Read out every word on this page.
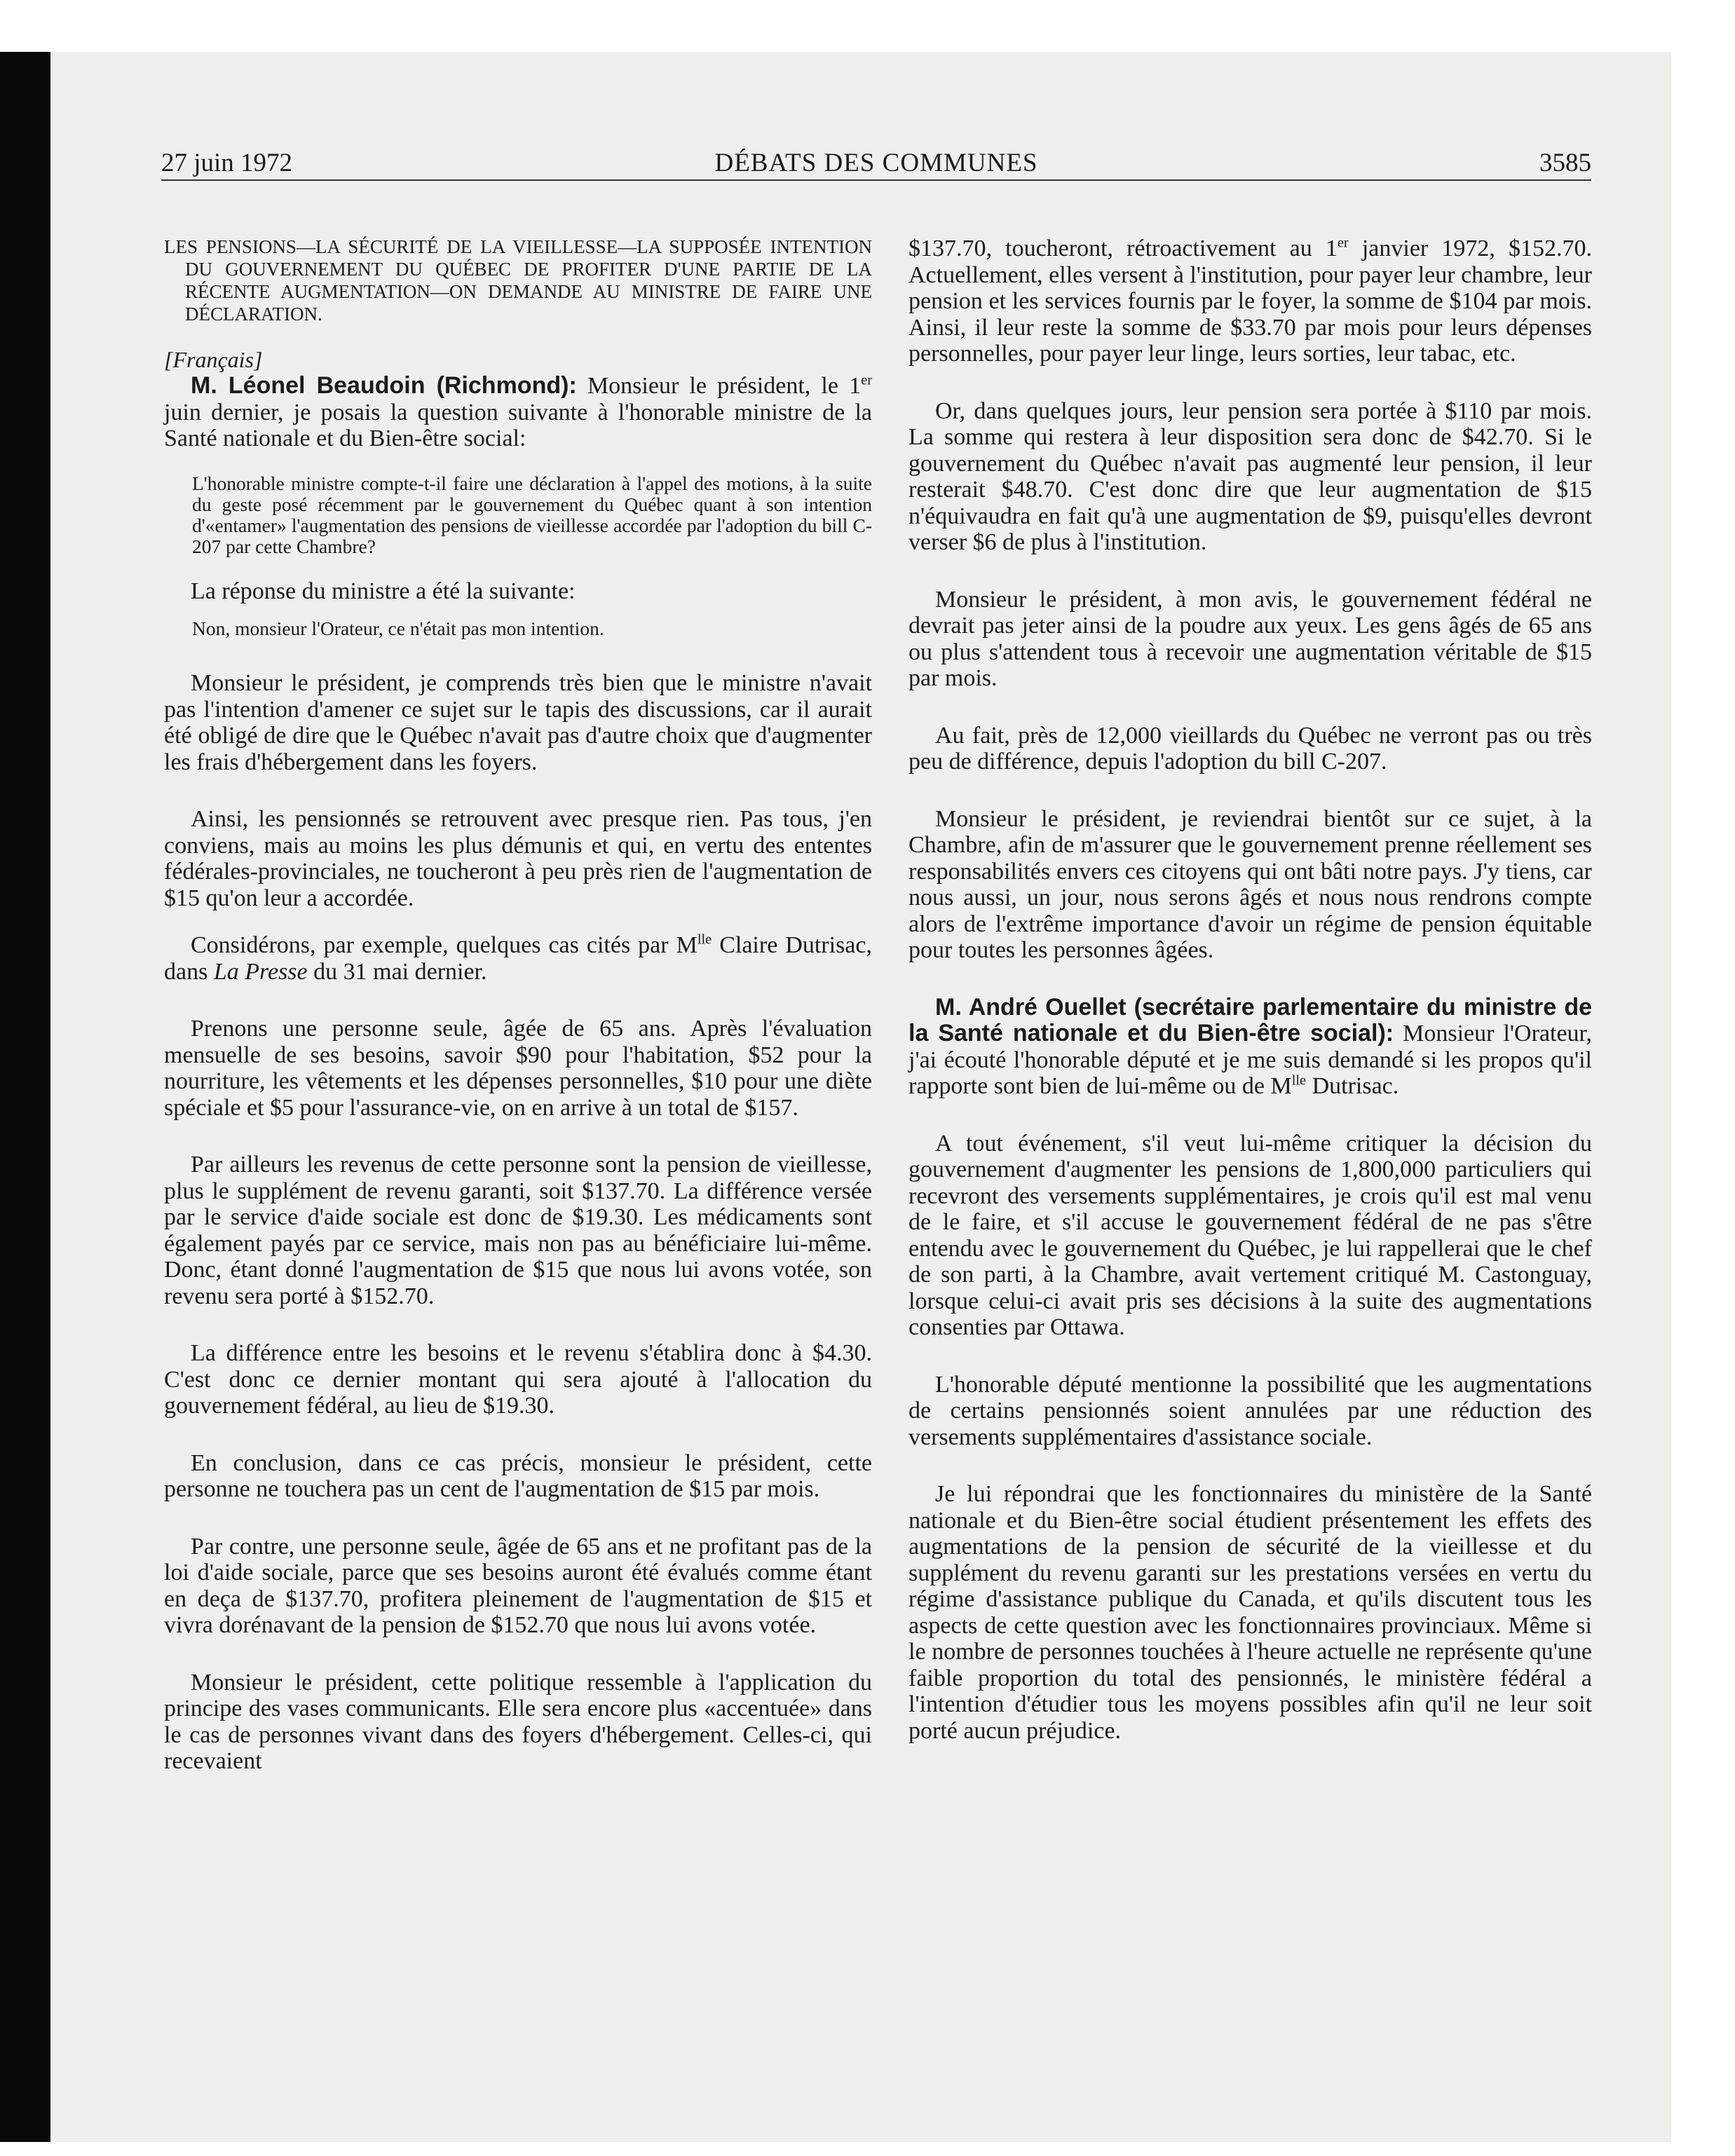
27 juin 1972	DÉBATS DES COMMUNES	3585

LES PENSIONS—LA SÉCURITÉ DE LA VIEILLESSE—LA SUPPOSÉE INTENTION DU GOUVERNEMENT DU QUÉBEC DE PROFITER D'UNE PARTIE DE LA RÉCENTE AUGMENTATION—ON DEMANDE AU MINISTRE DE FAIRE UNE DÉCLARATION.

[Français]

M. Léonel Beaudoin (Richmond): Monsieur le président, le 1er juin dernier, je posais la question suivante à l'honorable ministre de la Santé nationale et du Bien-être social:

L'honorable ministre compte-t-il faire une déclaration à l'appel des motions, à la suite du geste posé récemment par le gouvernement du Québec quant à son intention d'«entamer» l'augmentation des pensions de vieillesse accordée par l'adoption du bill C-207 par cette Chambre?

La réponse du ministre a été la suivante:

Non, monsieur l'Orateur, ce n'était pas mon intention.

Monsieur le président, je comprends très bien que le ministre n'avait pas l'intention d'amener ce sujet sur le tapis des discussions, car il aurait été obligé de dire que le Québec n'avait pas d'autre choix que d'augmenter les frais d'hébergement dans les foyers.

Ainsi, les pensionnés se retrouvent avec presque rien. Pas tous, j'en conviens, mais au moins les plus démunis et qui, en vertu des ententes fédérales-provinciales, ne toucheront à peu près rien de l'augmentation de $15 qu'on leur a accordée.

Considérons, par exemple, quelques cas cités par $M^{lle}$ Claire Dutrisac, dans La Presse du 31 mai dernier.

Prenons une personne seule, âgée de 65 ans. Après l'évaluation mensuelle de ses besoins, savoir $90 pour l'habitation, $52 pour la nourriture, les vêtements et les dépenses personnelles, $10 pour une diète spéciale et $5 pour l'assurance-vie, on en arrive à un total de $157.

Par ailleurs les revenus de cette personne sont la pension de vieillesse, plus le supplément de revenu garanti, soit $137.70. La différence versée par le service d'aide sociale est donc de $19.30. Les médicaments sont également payés par ce service, mais non pas au bénéficiaire lui-même. Donc, étant donné l'augmentation de $15 que nous lui avons votée, son revenu sera porté à $152.70.

La différence entre les besoins et le revenu s'établira donc à $4.30. C'est donc ce dernier montant qui sera ajouté à l'allocation du gouvernement fédéral, au lieu de $19.30.

En conclusion, dans ce cas précis, monsieur le président, cette personne ne touchera pas un cent de l'augmentation de $15 par mois.

Par contre, une personne seule, âgée de 65 ans et ne profitant pas de la loi d'aide sociale, parce que ses besoins auront été évalués comme étant en deça de $137.70, profitera pleinement de l'augmentation de $15 et vivra dorénavant de la pension de $152.70 que nous lui avons votée.

Monsieur le président, cette politique ressemble à l'application du principe des vases communicants. Elle sera encore plus «accentuée» dans le cas de personnes vivant dans des foyers d'hébergement. Celles-ci, qui recevaient

$137.70, toucheront, rétroactivement au 1er janvier 1972, $152.70. Actuellement, elles versent à l'institution, pour payer leur chambre, leur pension et les services fournis par le foyer, la somme de $104 par mois. Ainsi, il leur reste la somme de $33.70 par mois pour leurs dépenses personnelles, pour payer leur linge, leurs sorties, leur tabac, etc.

Or, dans quelques jours, leur pension sera portée à $110 par mois. La somme qui restera à leur disposition sera donc de $42.70. Si le gouvernement du Québec n'avait pas augmenté leur pension, il leur resterait $48.70. C'est donc dire que leur augmentation de $15 n'équivaudra en fait qu'à une augmentation de $9, puisqu'elles devront verser $6 de plus à l'institution.

Monsieur le président, à mon avis, le gouvernement fédéral ne devrait pas jeter ainsi de la poudre aux yeux. Les gens âgés de 65 ans ou plus s'attendent tous à recevoir une augmentation véritable de $15 par mois.

Au fait, près de 12,000 vieillards du Québec ne verront pas ou très peu de différence, depuis l'adoption du bill C-207.

Monsieur le président, je reviendrai bientôt sur ce sujet, à la Chambre, afin de m'assurer que le gouvernement prenne réellement ses responsabilités envers ces citoyens qui ont bâti notre pays. J'y tiens, car nous aussi, un jour, nous serons âgés et nous nous rendrons compte alors de l'extrême importance d'avoir un régime de pension équitable pour toutes les personnes âgées.

M. André Ouellet (secrétaire parlementaire du ministre de la Santé nationale et du Bien-être social): Monsieur l'Orateur, j'ai écouté l'honorable député et je me suis demandé si les propos qu'il rapporte sont bien de lui-même ou de $M^{lle}$ Dutrisac.

A tout événement, s'il veut lui-même critiquer la décision du gouvernement d'augmenter les pensions de 1,800,000 particuliers qui recevront des versements supplémentaires, je crois qu'il est mal venu de le faire, et s'il accuse le gouvernement fédéral de ne pas s'être entendu avec le gouvernement du Québec, je lui rappellerai que le chef de son parti, à la Chambre, avait vertement critiqué M. Castonguay, lorsque celui-ci avait pris ses décisions à la suite des augmentations consenties par Ottawa.

L'honorable député mentionne la possibilité que les augmentations de certains pensionnés soient annulées par une réduction des versements supplémentaires d'assistance sociale.

Je lui répondrai que les fonctionnaires du ministère de la Santé nationale et du Bien-être social étudient présentement les effets des augmentations de la pension de sécurité de la vieillesse et du supplément du revenu garanti sur les prestations versées en vertu du régime d'assistance publique du Canada, et qu'ils discutent tous les aspects de cette question avec les fonctionnaires provinciaux. Même si le nombre de personnes touchées à l'heure actuelle ne représente qu'une faible proportion du total des pensionnés, le ministère fédéral a l'intention d'étudier tous les moyens possibles afin qu'il ne leur soit porté aucun préjudice.
